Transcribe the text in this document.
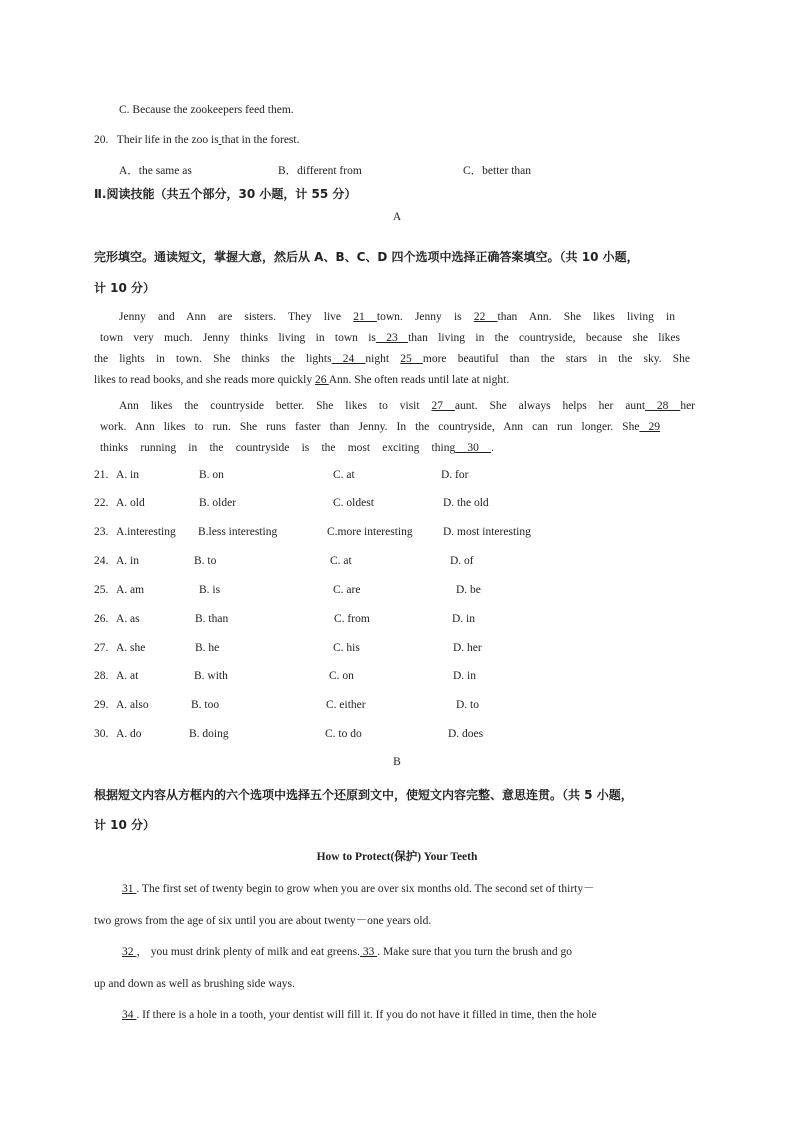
C. Because the zookeepers feed them.
20. Their life in the zoo is that in the forest.
A．the same as	B．different from	C．better than
Ⅱ.阅读技能（共五个部分，30 小题，计 55 分）
A
完形填空。通读短文，掌握大意，然后从 A、B、C、D 四个选项中选择正确答案填空。（共 10 小题，
计 10 分）
Jenny and Ann are sisters. They live 21 town. Jenny is 22 than Ann. She likes living in
town very much. Jenny thinks living in town is 23 than living in the countryside, because she likes
the lights in town. She thinks the lights 24 night 25 more beautiful than the stars in the sky. She
likes to read books, and she reads more quickly 26 Ann. She often reads until late at night.
Ann likes the countryside better. She likes to visit 27 aunt. She always helps her aunt 28 her
work. Ann likes to run. She runs faster than Jenny. In the countryside, Ann can run longer. She 29
thinks running in the countryside is the most exciting thing 30 .
21. A. in	B. on	C. at	D. for
22. A. old	B. older	C. oldest	D. the old
23. A.interesting B.less interesting	C.more interesting	D. most interesting
24. A. in	B. to	C. at	D. of
25. A. am	B. is	C. are	D. be
26. A. as	B. than	C. from	D. in
27. A. she	B. he	C. his	D. her
28. A. at	B. with	C. on	D. in
29. A. also	B. too	C. either	D. to
30. A. do	B. doing	C. to do	D. does
B
根据短文内容从方框内的六个选项中选择五个还原到文中，使短文内容完整、意思连贯。（共 5 小题，
计 10 分）
How to Protect(保护) Your Teeth
31 . The first set of twenty begin to grow when you are over six months old. The second set of thirty－
two grows from the age of six until you are about twenty－one years old.
32 ， you must drink plenty of milk and eat greens. 33 . Make sure that you turn the brush and go
up and down as well as brushing side ways.
34 . If there is a hole in a tooth, your dentist will fill it. If you do not have it filled in time, then the hole
